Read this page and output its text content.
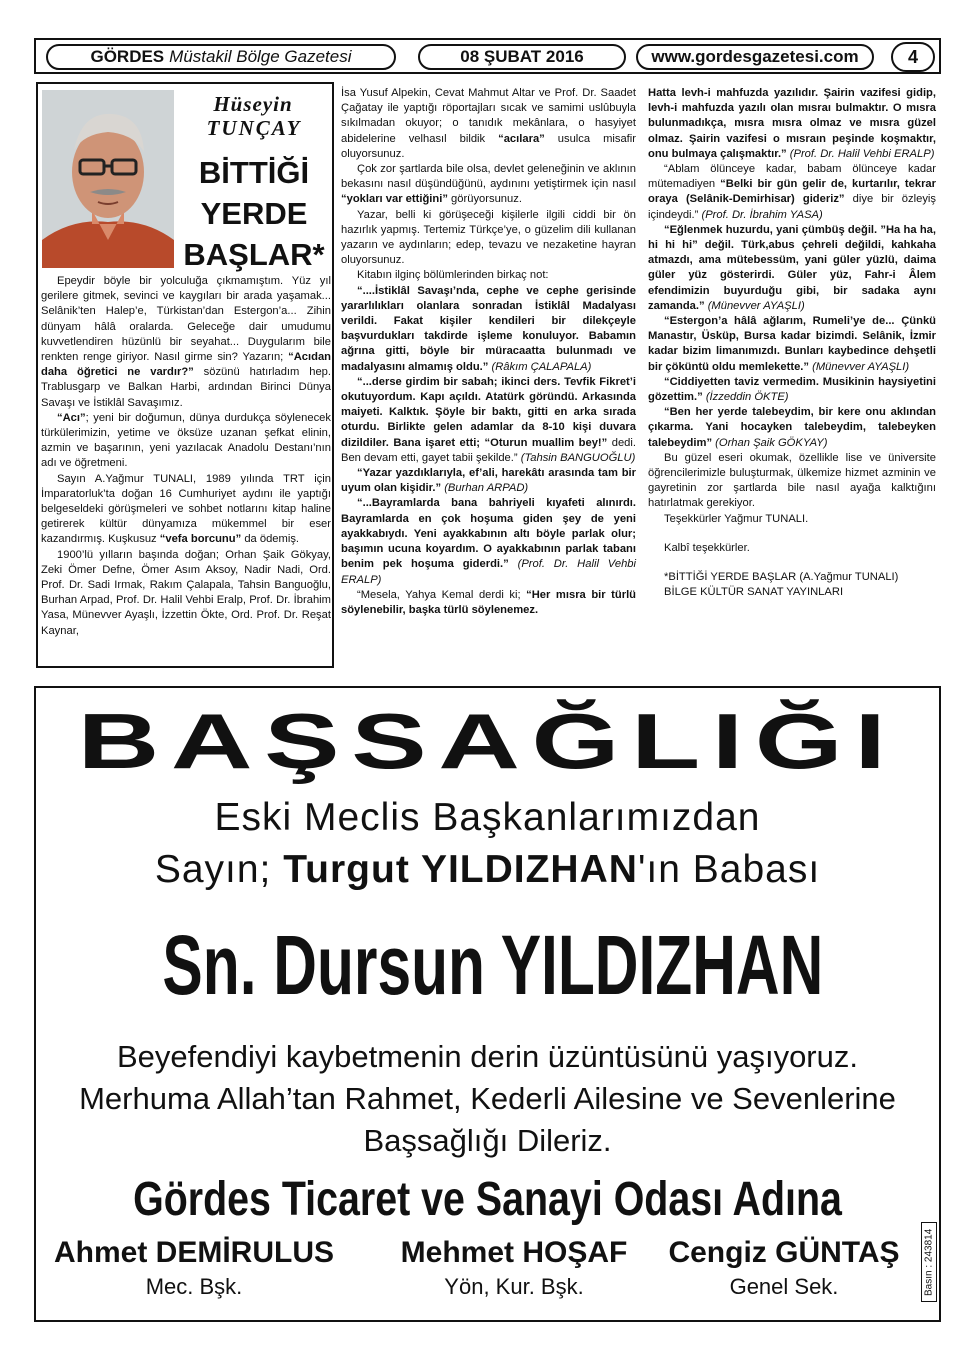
GÖRDES Müstakil Bölge Gazetesi	08 ŞUBAT 2016	www.gordesgazetesi.com	4
Hüseyin
TUNÇAY
BİTTİĞİ YERDE BAŞLAR*

Epeydir böyle bir yolculuğa çıkmamıştım. Yüz yıl gerilere gitmek, sevinci ve kaygıları bir arada yaşamak... Selânik’ten Halep’e, Türkistan’dan Estergon’a... Zihin dünyam hâlâ oralarda. Geleceğe dair umudumu kuvvetlendiren hüzünlü bir seyahat... Duygularım bile renkten renge giriyor. Nasıl girme sin? Yazarın; “Acıdan daha öğretici ne vardır?” sözünü hatırladım hep. Trablusgarp ve Balkan Harbi, ardından Birinci Dünya Savaşı ve İstiklâl Savaşımız.

“Acı”; yeni bir doğumun, dünya durdukça söylenecek türkülerimizin, yetime ve öksüze uzanan şefkat elinin, azmin ve başarının, yeni yazılacak Anadolu Destanı’nın adı ve öğretmeni.

Sayın A.Yağmur TUNALI, 1989 yılında TRT için İmparatorluk’ta doğan 16 Cumhuriyet aydını ile yaptığı belgeseldeki görüşmeleri ve sohbet notlarını kitap haline getirerek kültür dünyamıza mükemmel bir eser kazandırmış. Kuşkusuz “vefa borcunu” da ödemiş.

1900’lü yılların başında doğan; Orhan Şaik Gökyay, Zeki Ömer Defne, Ömer Asım Aksoy, Nadir Nadi, Ord. Prof. Dr. Sadi Irmak, Rakım Çalapala, Tahsin Banguoğlu, Burhan Arpad, Prof. Dr. Halil Vehbi Eralp, Prof. Dr. İbrahim Yasa, Münevver Ayaşlı, İzzettin Ökte, Ord. Prof. Dr. Reşat Kaynar,

İsa Yusuf Alpekin, Cevat Mahmut Altar ve Prof. Dr. Saadet Çağatay ile yaptığı röportajları sıcak ve samimi uslûbuyla sıkılmadan okuyor; o tanıdık mekânlara, o hasyiyet abidelerine velhasıl bildik “acılara” usulca misafir oluyorsunuz.

Çok zor şartlarda bile olsa, devlet geleneğinin ve aklının bekasını nasıl düşündüğünü, aydınını yetiştirmek için nasıl “yokları var ettiğini” görüyorsunuz.

Yazar, belli ki görüşeceği kişilerle ilgili ciddi bir ön hazırlık yapmış. Tertemiz Türkçe’ye, o güzelim dili kullanan yazarın ve aydınların; edep, tevazu ve nezaketine hayran oluyorsunuz.

Kitabın ilginç bölümlerinden birkaç not:

“....İstiklâl Savaşı’nda, cephe ve cephe gerisinde yararlılıkları olanlara sonradan İstiklâl Madalyası verildi. Fakat kişiler kendileri bir dilekçeyle başvurdukları takdirde işleme konuluyor. Babamın ağrına gitti, böyle bir müracaatta bulunmadı ve madalyasını almamış oldu.” (Râkım ÇALAPALA)

“...derse girdim bir sabah; ikinci ders. Tevfik Fikret’i okutuyordum. Kapı açıldı. Atatürk göründü. Arkasında maiyeti. Kalktık. Şöyle bir baktı, gitti en arka sırada oturdu. Birlikte gelen adamlar da 8-10 kişi duvara dizildiler. Bana işaret etti; “Oturun muallim bey!” dedi. Ben devam etti, gayet tabii şekilde.” (Tahsin BANGUOĞLU)

“Yazar yazdıklarıyla, ef’ali, harekâtı arasında tam bir uyum olan kişidir.” (Burhan ARPAD)

“...Bayramlarda bana bahriyeli kıyafeti alınırdı. Bayramlarda en çok hoşuma giden şey de yeni ayakkabıydı. Yeni ayakkabının altı böyle parlak olur; başımın ucuna koyardım. O ayakkabının parlak tabanı benim pek hoşuma giderdi.” (Prof. Dr. Halil Vehbi ERALP)

“Mesela, Yahya Kemal derdi ki; “Her mısra bir türlü söylenebilir, başka türlü söylenemez.

Hatta levh-i mahfuzda yazılıdır. Şairin vazifesi gidip, levh-i mahfuzda yazılı olan mısraı bulmaktır. O mısra bulunmadıkça, mısra mısra olmaz ve mısra güzel olmaz. Şairin vazifesi o mısraın peşinde koşmaktır, onu bulmaya çalışmaktır.” (Prof. Dr. Halil Vehbi ERALP)

“Ablam ölünceye kadar, babam ölünceye kadar mütemadiyen “Belki bir gün gelir de, kurtarılır, tekrar oraya (Selânik-Demirhisar) gideriz” diye bir özleyiş içindeydi.” (Prof. Dr. İbrahim YASA)

“Eğlenmek huzurdu, yani çümbüş değil. ”Ha ha ha, hi hi hi” değil. Türk,abus çehreli değildi, kahkaha atmazdı, ama mütebessüm, yani güler yüzlü, daima güler yüz gösterirdi. Güler yüz, Fahr-i Âlem efendimizin buyurduğu gibi, bir sadaka aynı zamanda.” (Münevver AYAŞLI)

“Estergon’a hâlâ ağlarım, Rumeli’ye de... Çünkü Manastır, Üsküp, Bursa kadar bizimdi. Selânik, İzmir kadar bizim limanımızdı. Bunları kaybedince dehşetli bir çöküntü oldu memlekette.” (Münevver AYAŞLI)

“Ciddiyetten taviz vermedim. Musikinin haysiyetini gözettim.” (İzzeddin ÖKTE)

“Ben her yerde talebeydim, bir kere onu aklından çıkarma. Yani hocayken talebeydim, talebeyken talebeydim” (Orhan Şaik GÖKYAY)

Bu güzel eseri okumak, özellikle lise ve üniversite öğrencilerimizle buluşturmak, ülkemize hizmet azminin ve gayretinin zor şartlarda bile nasıl ayağa kalktığını hatırlatmak gerekiyor.

Teşekkürler Yağmur TUNALI.

Kalbî teşekkürler.

*BİTTİĞİ YERDE BAŞLAR (A.Yağmur TUNALI)

BİLGE KÜLTÜR SANAT YAYINLARI

BAŞSAĞLIĞI
Eski Meclis Başkanlarımızdan
Sayın; Turgut YILDIZHAN'ın Babası
Sn. Dursun YILDIZHAN
Beyefendiyi kaybetmenin derin üzüntüsünü yaşıyoruz.
Merhuma Allah’tan Rahmet, Kederli Ailesine ve Sevenlerine
Başsağlığı Dileriz.
Gördes Ticaret ve Sanayi Odası Adına
Ahmet DEMİRULUS
Mec. Bşk.
Mehmet HOŞAF
Yön, Kur. Bşk.
Cengiz GÜNTAŞ
Genel Sek.	Basın : 243814
